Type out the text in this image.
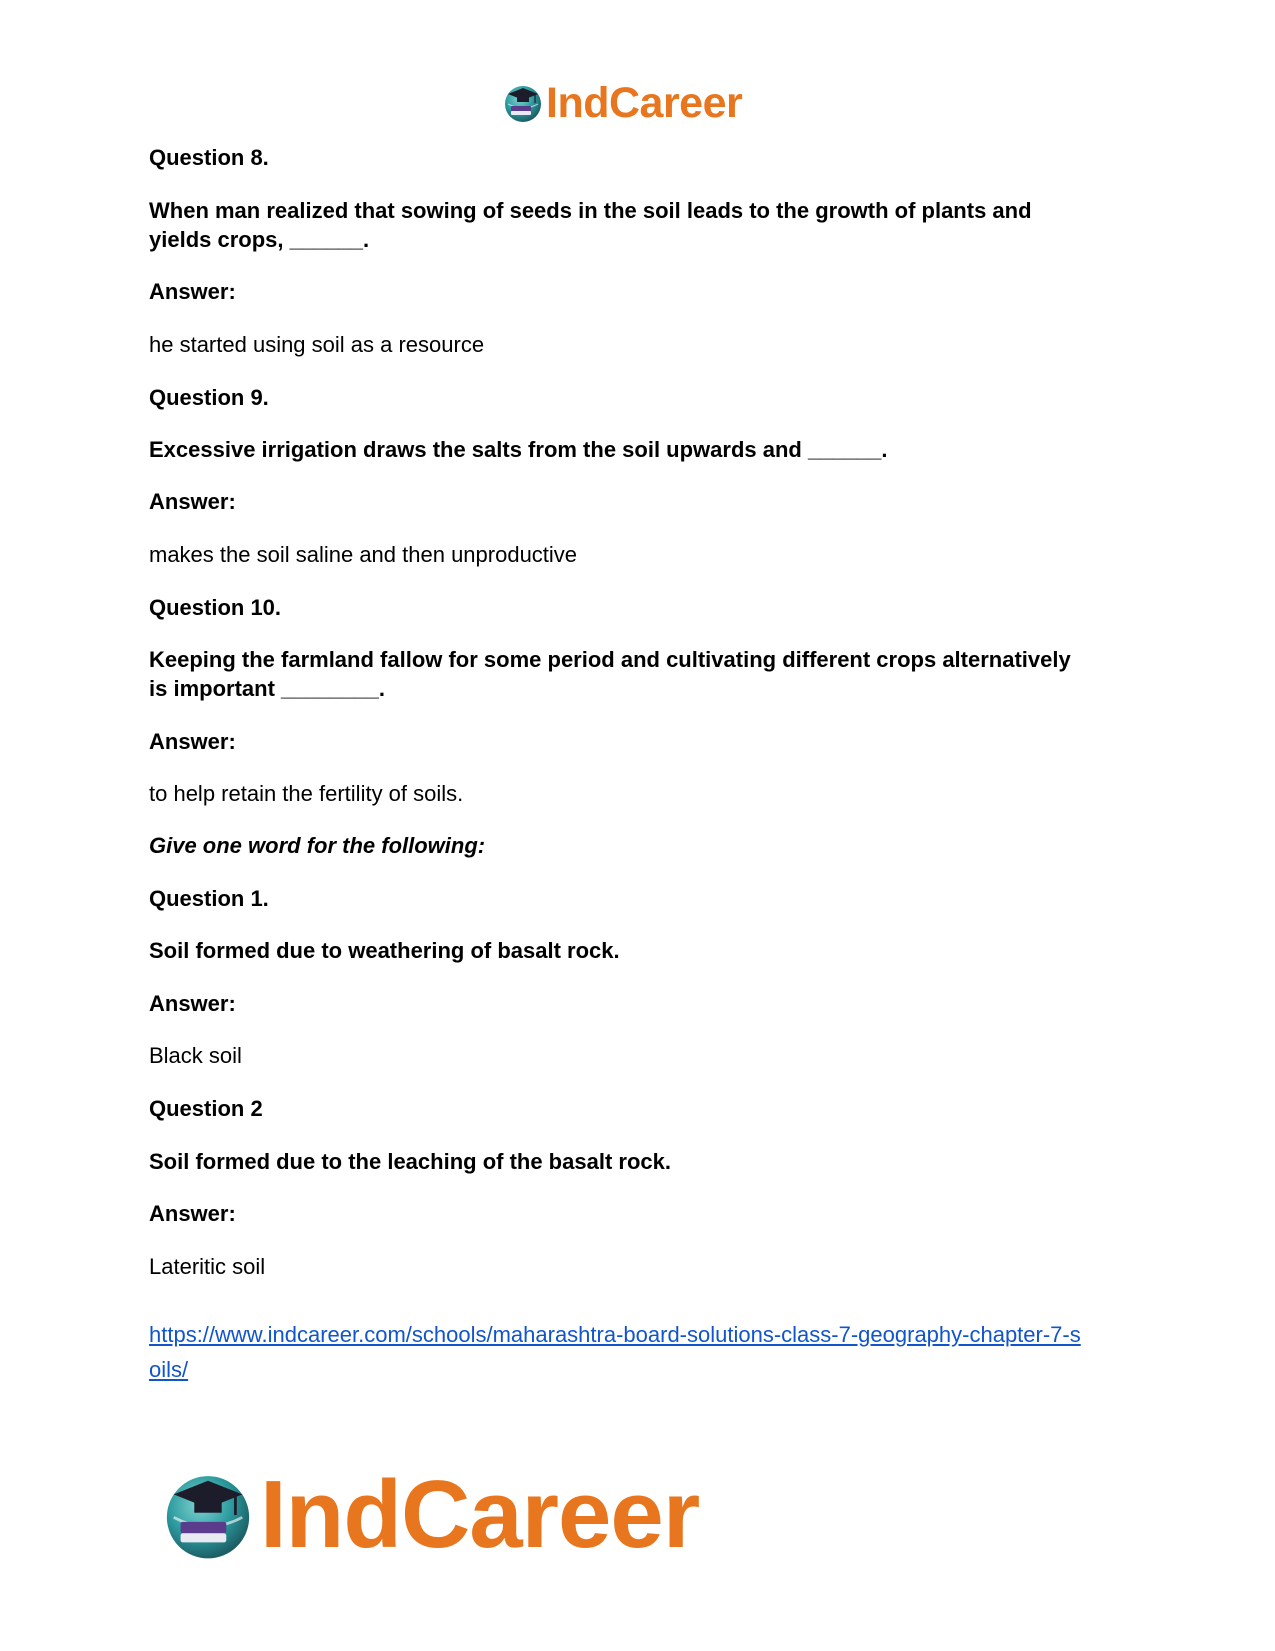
IndCareer
Question 8.
When man realized that sowing of seeds in the soil leads to the growth of plants and
yields crops, ______.
Answer:
he started using soil as a resource
Question 9.
Excessive irrigation draws the salts from the soil upwards and ______.
Answer:
makes the soil saline and then unproductive
Question 10.
Keeping the farmland fallow for some period and cultivating different crops alternatively
is important ________.
Answer:
to help retain the fertility of soils.
Give one word for the following:
Question 1.
Soil formed due to weathering of basalt rock.
Answer:
Black soil
Question 2
Soil formed due to the leaching of the basalt rock.
Answer:
Lateritic soil
https://www.indcareer.com/schools/maharashtra-board-solutions-class-7-geography-chapter-7-s
oils/
IndCareer
